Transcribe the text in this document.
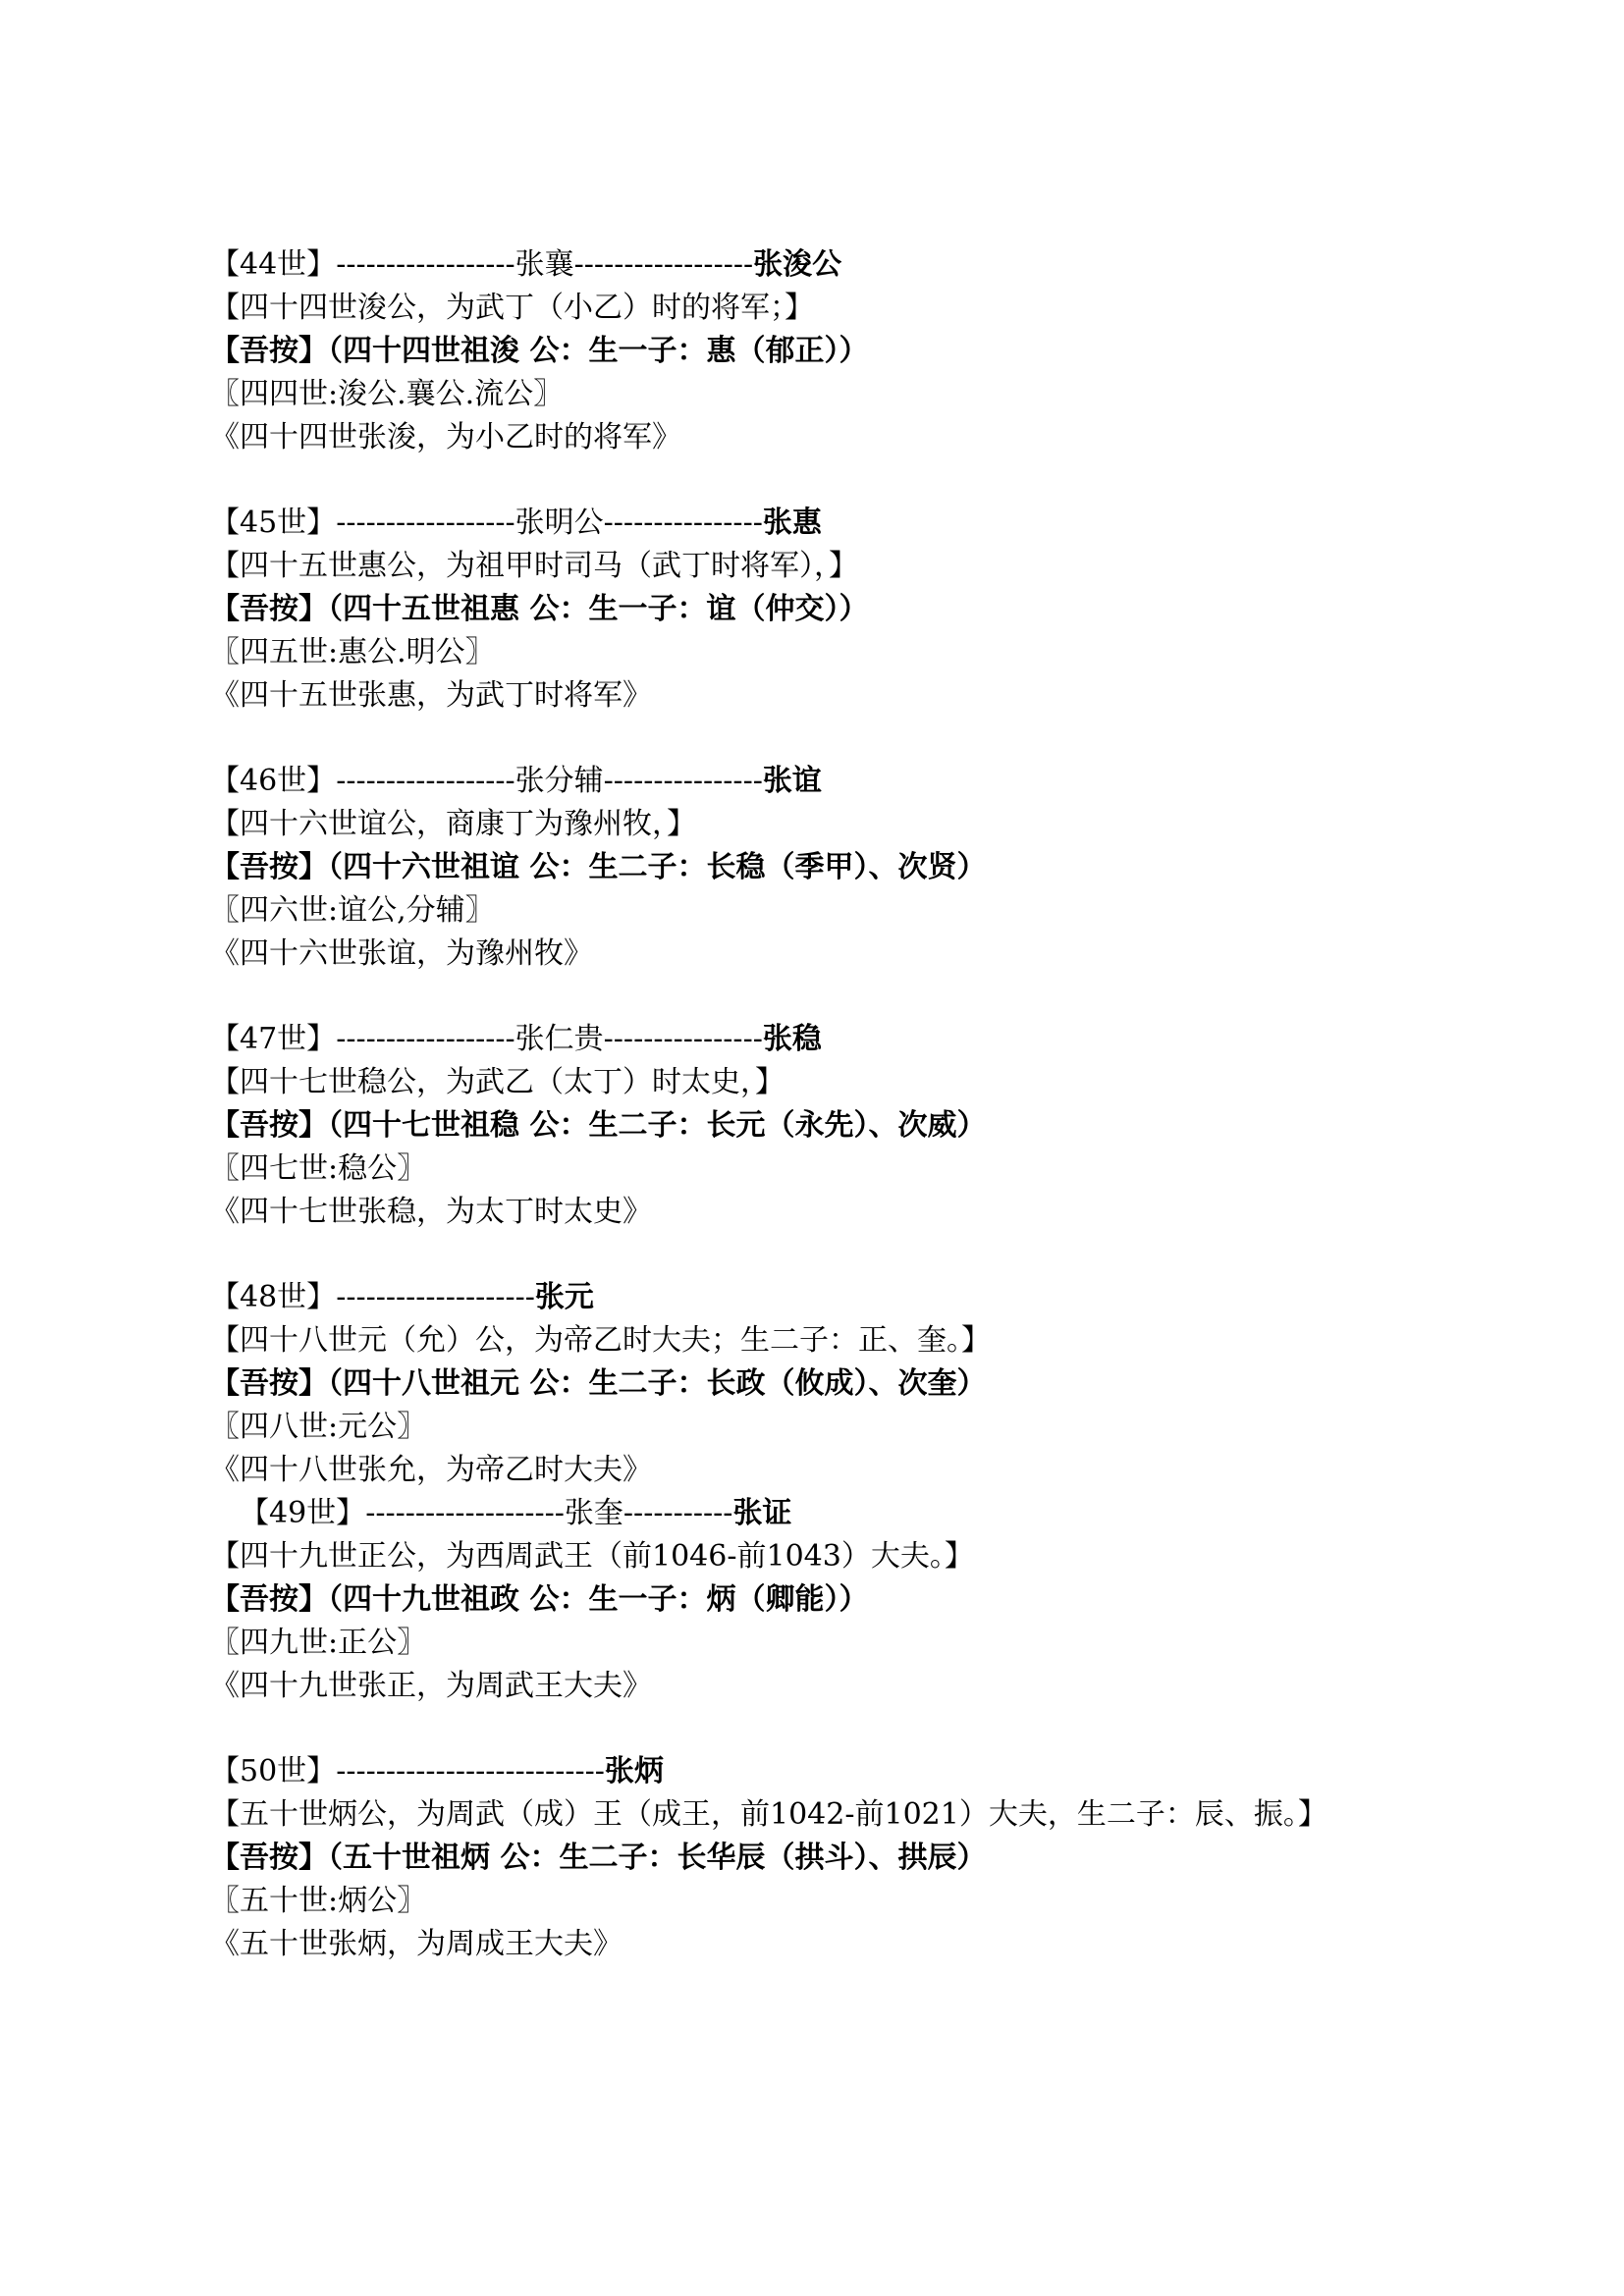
【44世】------------------张襄------------------张浚公
【四十四世浚公，为武丁（小乙）时的将军；】
【吾按】（四十四世祖浚 公：生一子：惠（郁正））
〖四四世:浚公.襄公.流公〗
《四十四世张浚，为小乙时的将军》
【45世】------------------张明公----------------张惠
【四十五世惠公，为祖甲时司马（武丁时将军），】
【吾按】（四十五世祖惠 公：生一子：谊（仲交））
〖四五世:惠公.明公〗
《四十五世张惠，为武丁时将军》
【46世】------------------张分辅----------------张谊
【四十六世谊公，商康丁为豫州牧，】
【吾按】（四十六世祖谊 公：生二子：长稳（季甲）、次贤）
〖四六世:谊公,分辅〗
《四十六世张谊，为豫州牧》
【47世】------------------张仁贵----------------张稳
【四十七世稳公，为武乙（太丁）时太史，】
【吾按】（四十七世祖稳 公：生二子：长元（永先）、次威）
〖四七世:稳公〗
《四十七世张稳，为太丁时太史》
【48世】--------------------张元
【四十八世元（允）公，为帝乙时大夫；生二子：正、奎。】
【吾按】（四十八世祖元 公：生二子：长政（攸成）、次奎）
〖四八世:元公〗
《四十八世张允，为帝乙时大夫》
【49世】--------------------张奎-----------张证
【四十九世正公，为西周武王（前1046-前1043）大夫。】
【吾按】（四十九世祖政 公：生一子：炳（卿能））
〖四九世:正公〗
《四十九世张正，为周武王大夫》
【50世】---------------------------张炳
【五十世炳公，为周武（成）王（成王，前1042-前1021）大夫，生二子：辰、振。】
【吾按】（五十世祖炳 公：生二子：长华辰（拱斗）、拱辰）
〖五十世:炳公〗
《五十世张炳，为周成王大夫》
